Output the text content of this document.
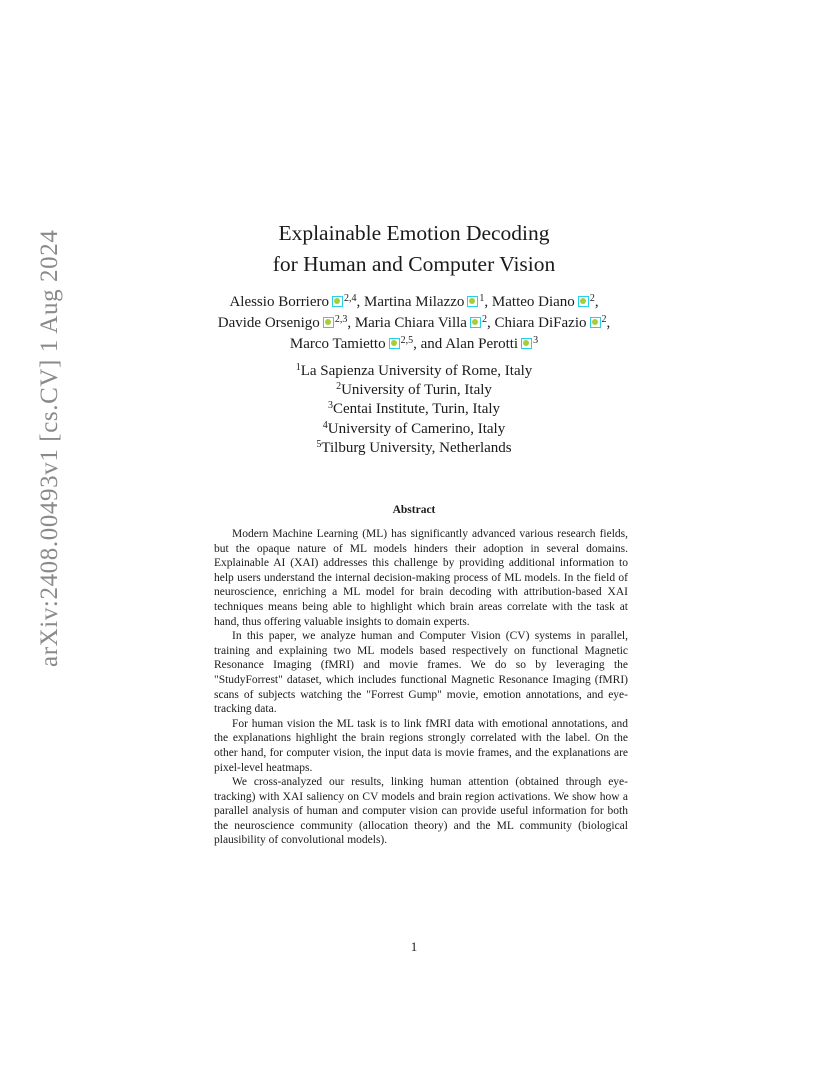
arXiv:2408.00493v1 [cs.CV] 1 Aug 2024	Explainable Emotion Decoding
for Human and Computer Vision
Alessio Borriero $^{2,4}$, Martina Milazzo $^1$, Matteo Diano $^2$,
Davide Orsenigo $^{2,3}$, Maria Chiara Villa $^2$, Chiara DiFazio $^2$,
Marco Tamietto $^{2,5}$, and Alan Perotti $^3$
$^1$La Sapienza University of Rome, Italy
$^2$University of Turin, Italy
$^3$Centai Institute, Turin, Italy
$^4$University of Camerino, Italy
$^5$Tilburg University, Netherlands
Abstract

Modern Machine Learning (ML) has significantly advanced various research fields, but the opaque nature of ML models hinders their adoption in several domains. Explainable AI (XAI) addresses this challenge by providing additional information to help users understand the internal decision-making process of ML models. In the field of neuroscience, enriching a ML model for brain decoding with attribution-based XAI techniques means being able to highlight which brain areas correlate with the task at hand, thus offering valuable insights to domain experts.

In this paper, we analyze human and Computer Vision (CV) systems in parallel, training and explaining two ML models based respectively on functional Magnetic Resonance Imaging (fMRI) and movie frames. We do so by leveraging the "StudyForrest" dataset, which includes functional Magnetic Resonance Imaging (fMRI) scans of subjects watching the "Forrest Gump" movie, emotion annotations, and eye-tracking data.

For human vision the ML task is to link fMRI data with emotional annotations, and the explanations highlight the brain regions strongly correlated with the label. On the other hand, for computer vision, the input data is movie frames, and the explanations are pixel-level heatmaps.

We cross-analyzed our results, linking human attention (obtained through eye-tracking) with XAI saliency on CV models and brain region activations. We show how a parallel analysis of human and computer vision can provide useful information for both the neuroscience community (allocation theory) and the ML community (biological plausibility of convolutional models).

1
